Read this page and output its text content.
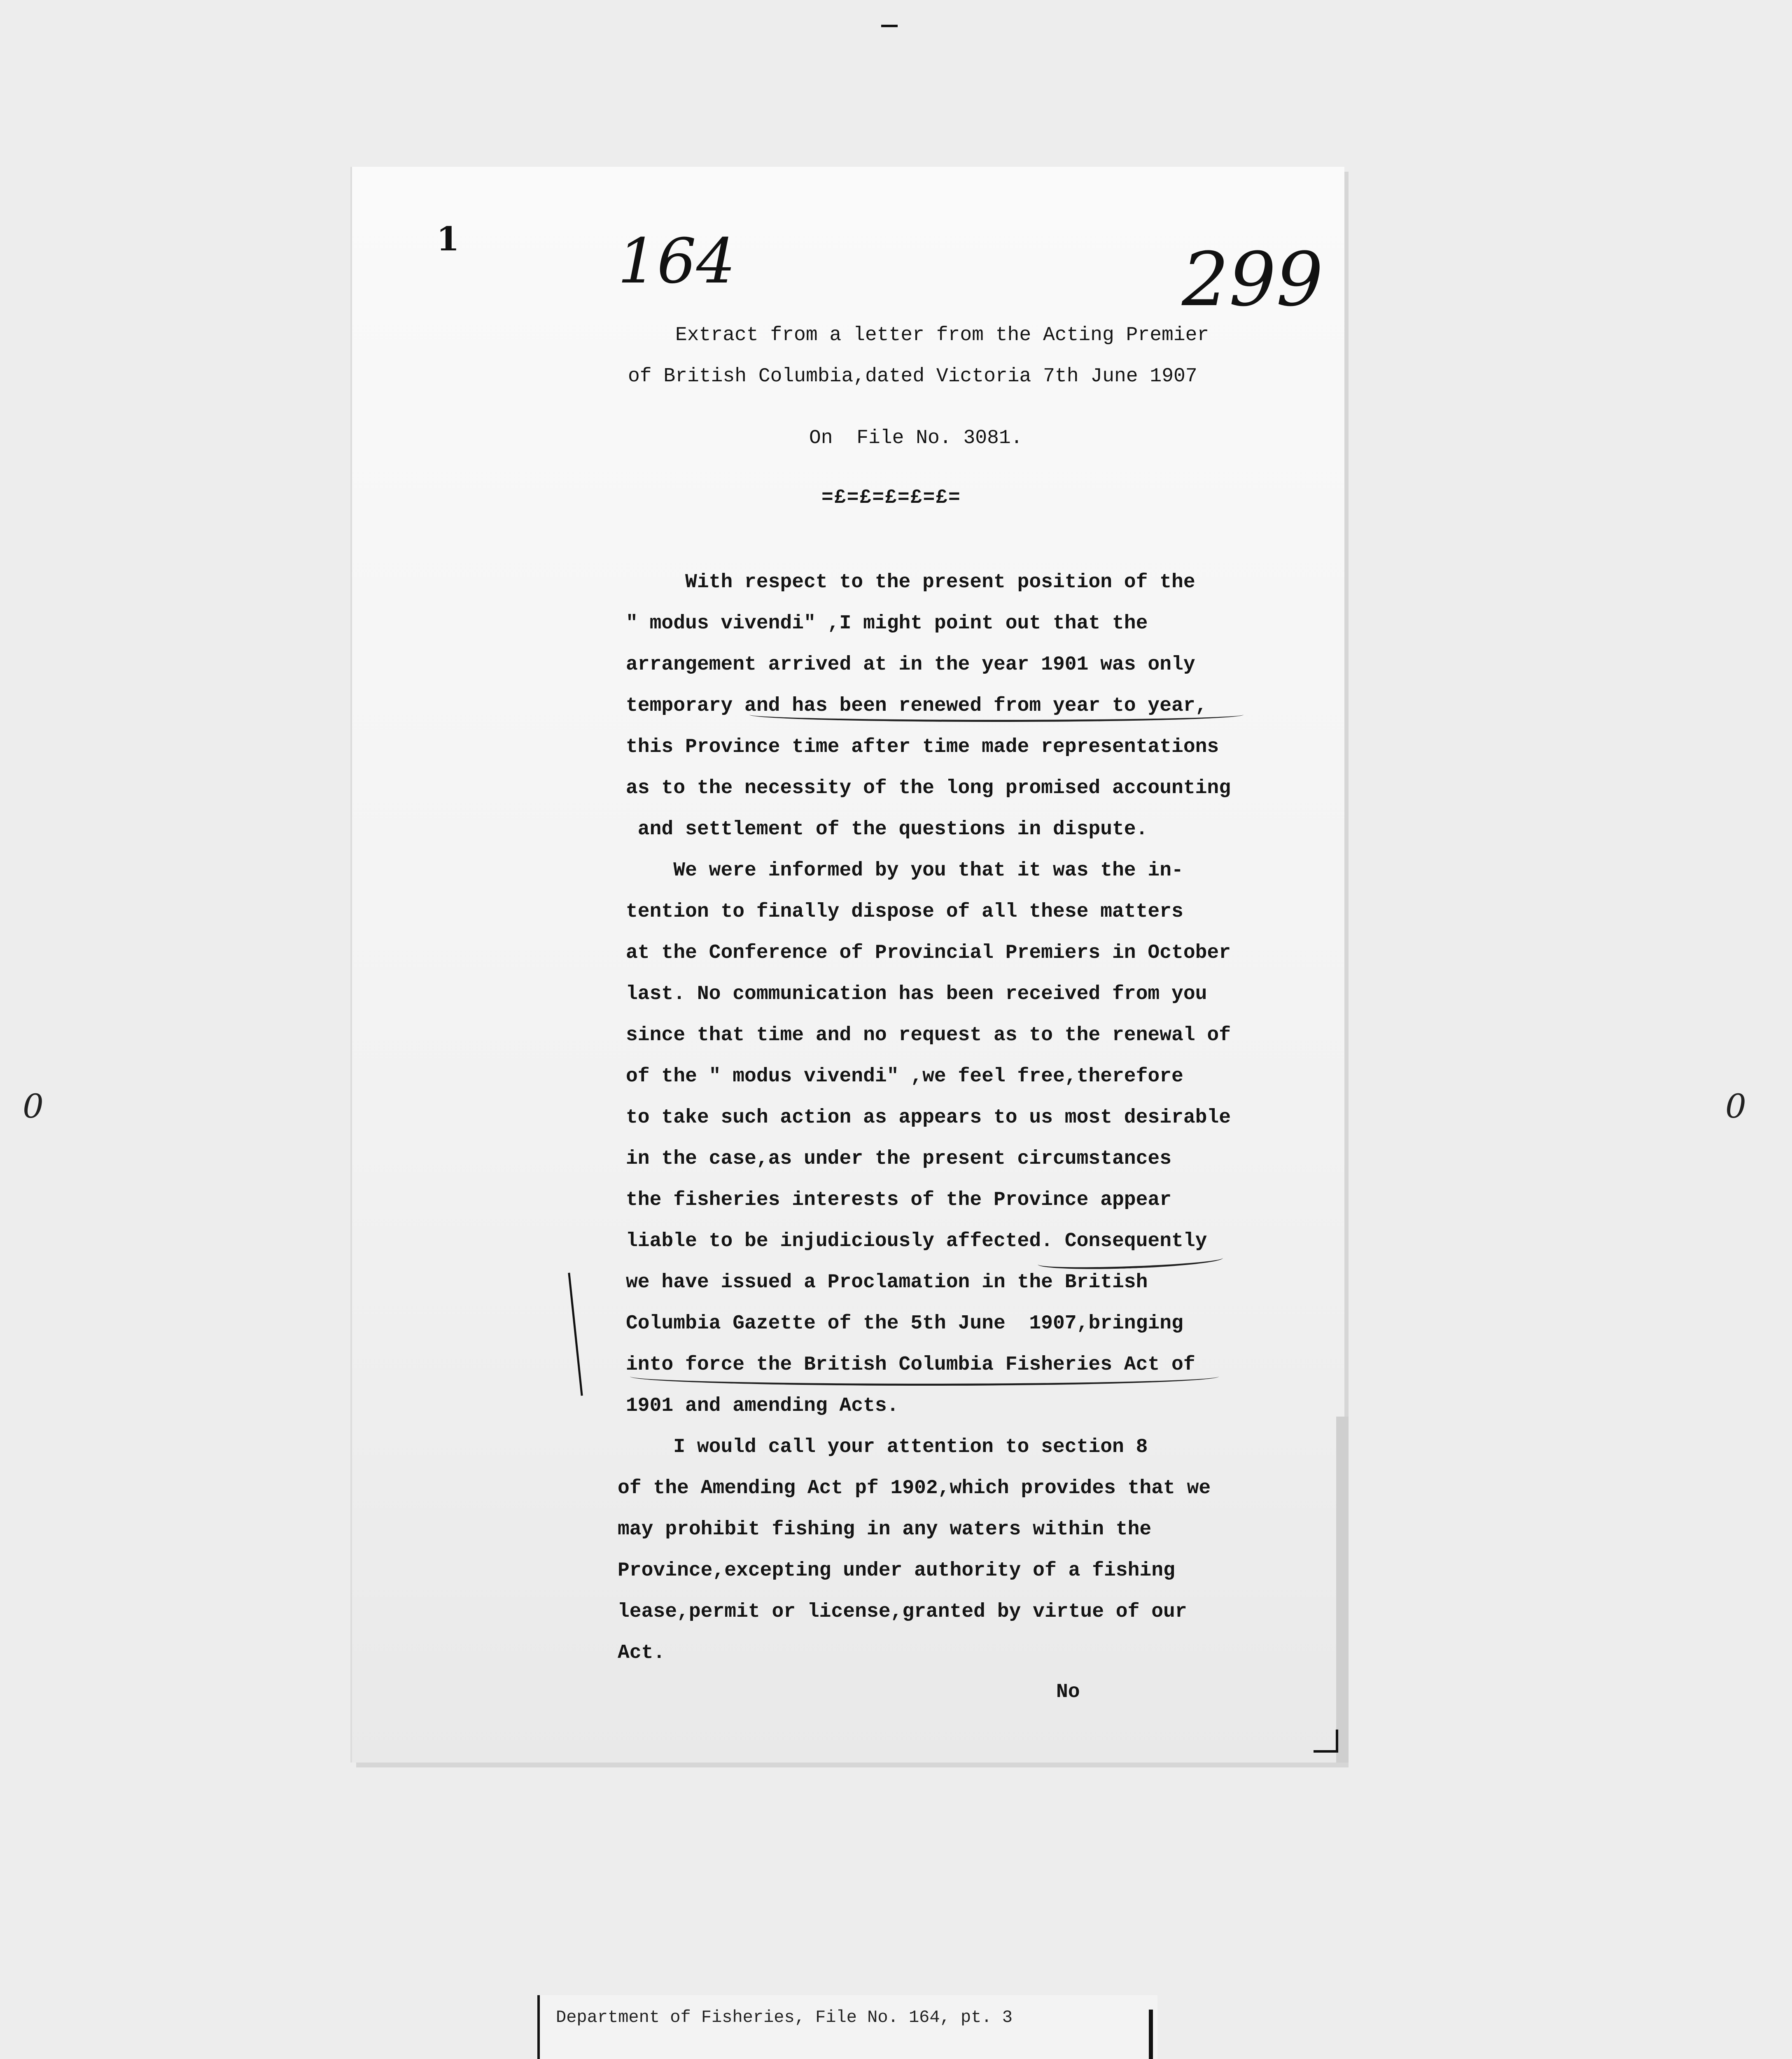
1	164	299
Extract from a letter from the Acting Premier
of British Columbia,dated Victoria 7th June 1907
On  File No. 3081.
=£=£=£=£=£=
With respect to the present position of the
" modus vivendi" ,I might point out that the
arrangement arrived at in the year 1901 was only
temporary and has been renewed from year to year,
this Province time after time made representations
as to the necessity of the long promised accounting
and settlement of the questions in dispute.
We were informed by you that it was the in-
tention to finally dispose of all these matters
at the Conference of Provincial Premiers in October
last. No communication has been received from you
since that time and no request as to the renewal of
of the " modus vivendi" ,we feel free,therefore
to take such action as appears to us most desirable
in the case,as under the present circumstances
the fisheries interests of the Province appear
liable to be injudiciously affected. Consequently
we have issued a Proclamation in the British
Columbia Gazette of the 5th June  1907,bringing
into force the British Columbia Fisheries Act of
1901 and amending Acts.
I would call your attention to section 8
of the Amending Act pf 1902,which provides that we
may prohibit fishing in any waters within the
Province,excepting under authority of a fishing
lease,permit or license,granted by virtue of our
Act.
No
0	0
Department of Fisheries, File No. 164, pt. 3
